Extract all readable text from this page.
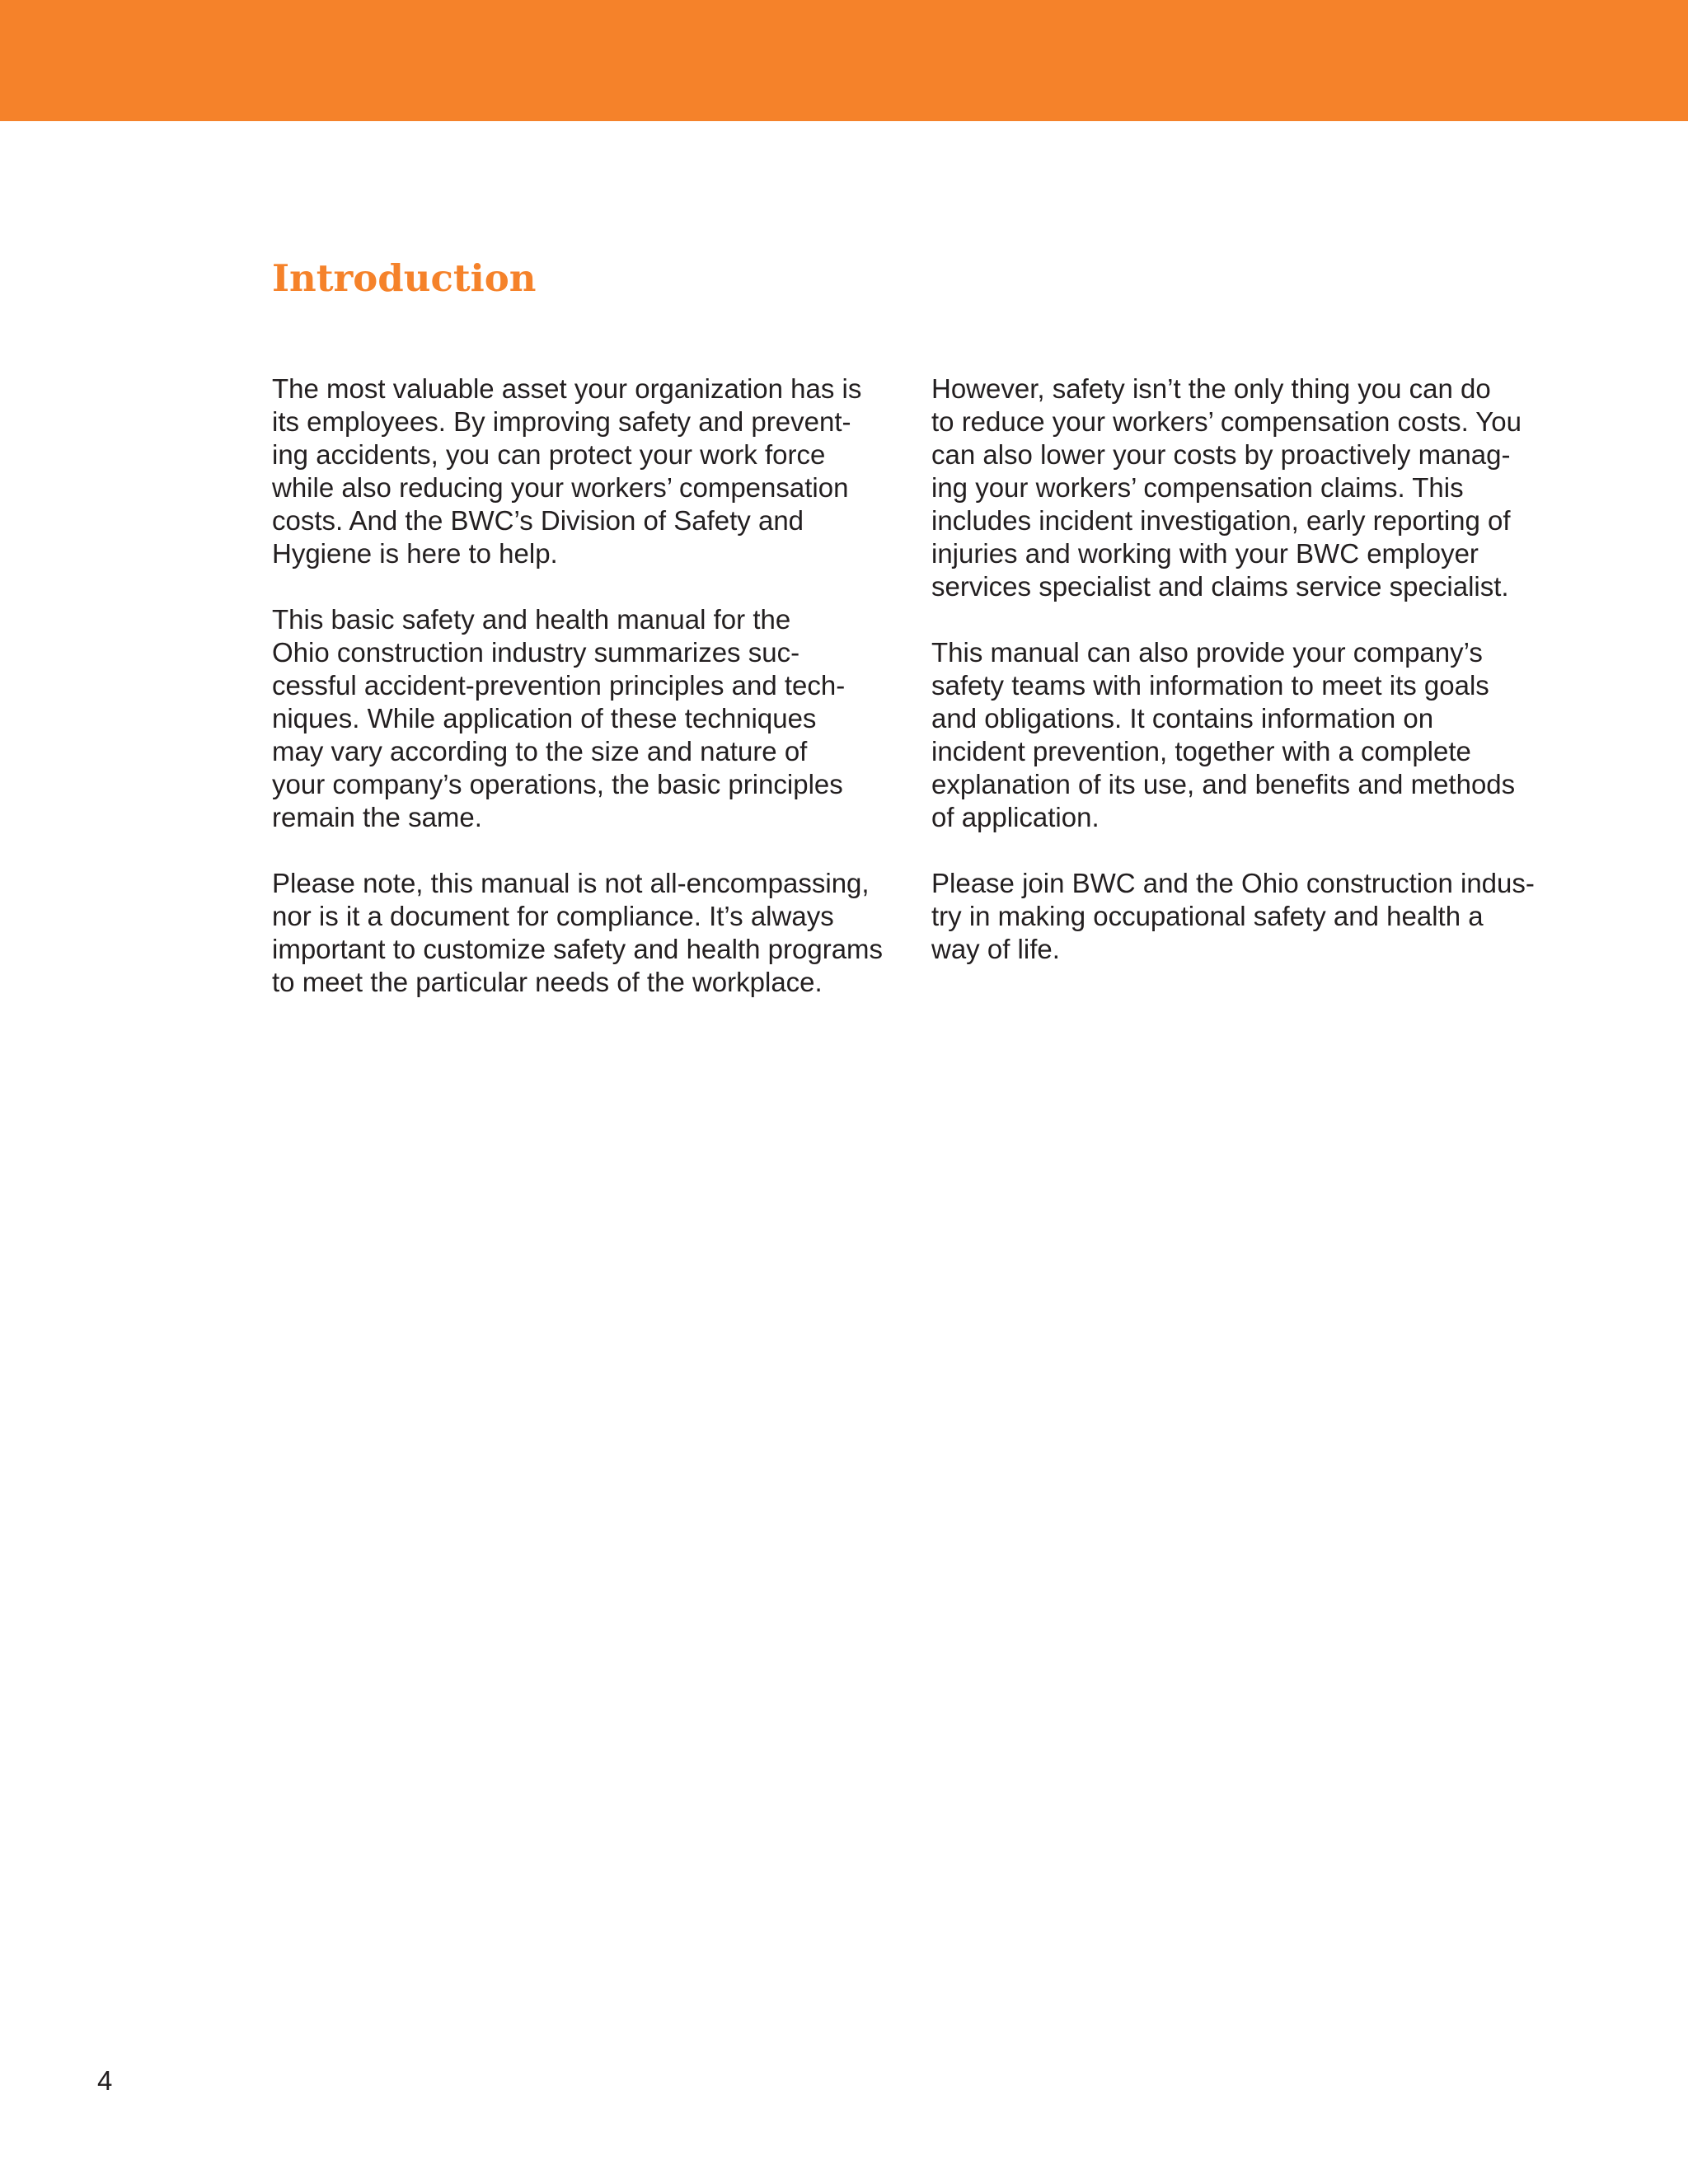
Introduction

The most valuable asset your organization has is
its employees. By improving safety and prevent-
ing accidents, you can protect your work force
while also reducing your workers’ compensation
costs. And the BWC’s Division of Safety and
Hygiene is here to help.

This basic safety and health manual for the
Ohio construction industry summarizes suc-
cessful accident-prevention principles and tech-
niques. While application of these techniques
may vary according to the size and nature of
your company’s operations, the basic principles
remain the same.

Please note, this manual is not all-encompassing,
nor is it a document for compliance. It’s always
important to customize safety and health programs
to meet the particular needs of the workplace.

However, safety isn’t the only thing you can do
to reduce your workers’ compensation costs. You
can also lower your costs by proactively manag-
ing your workers’ compensation claims. This
includes incident investigation, early reporting of
injuries and working with your BWC employer
services specialist and claims service specialist.

This manual can also provide your company’s
safety teams with information to meet its goals
and obligations. It contains information on
incident prevention, together with a complete
explanation of its use, and benefits and methods
of application.

Please join BWC and the Ohio construction indus-
try in making occupational safety and health a
way of life.

4
